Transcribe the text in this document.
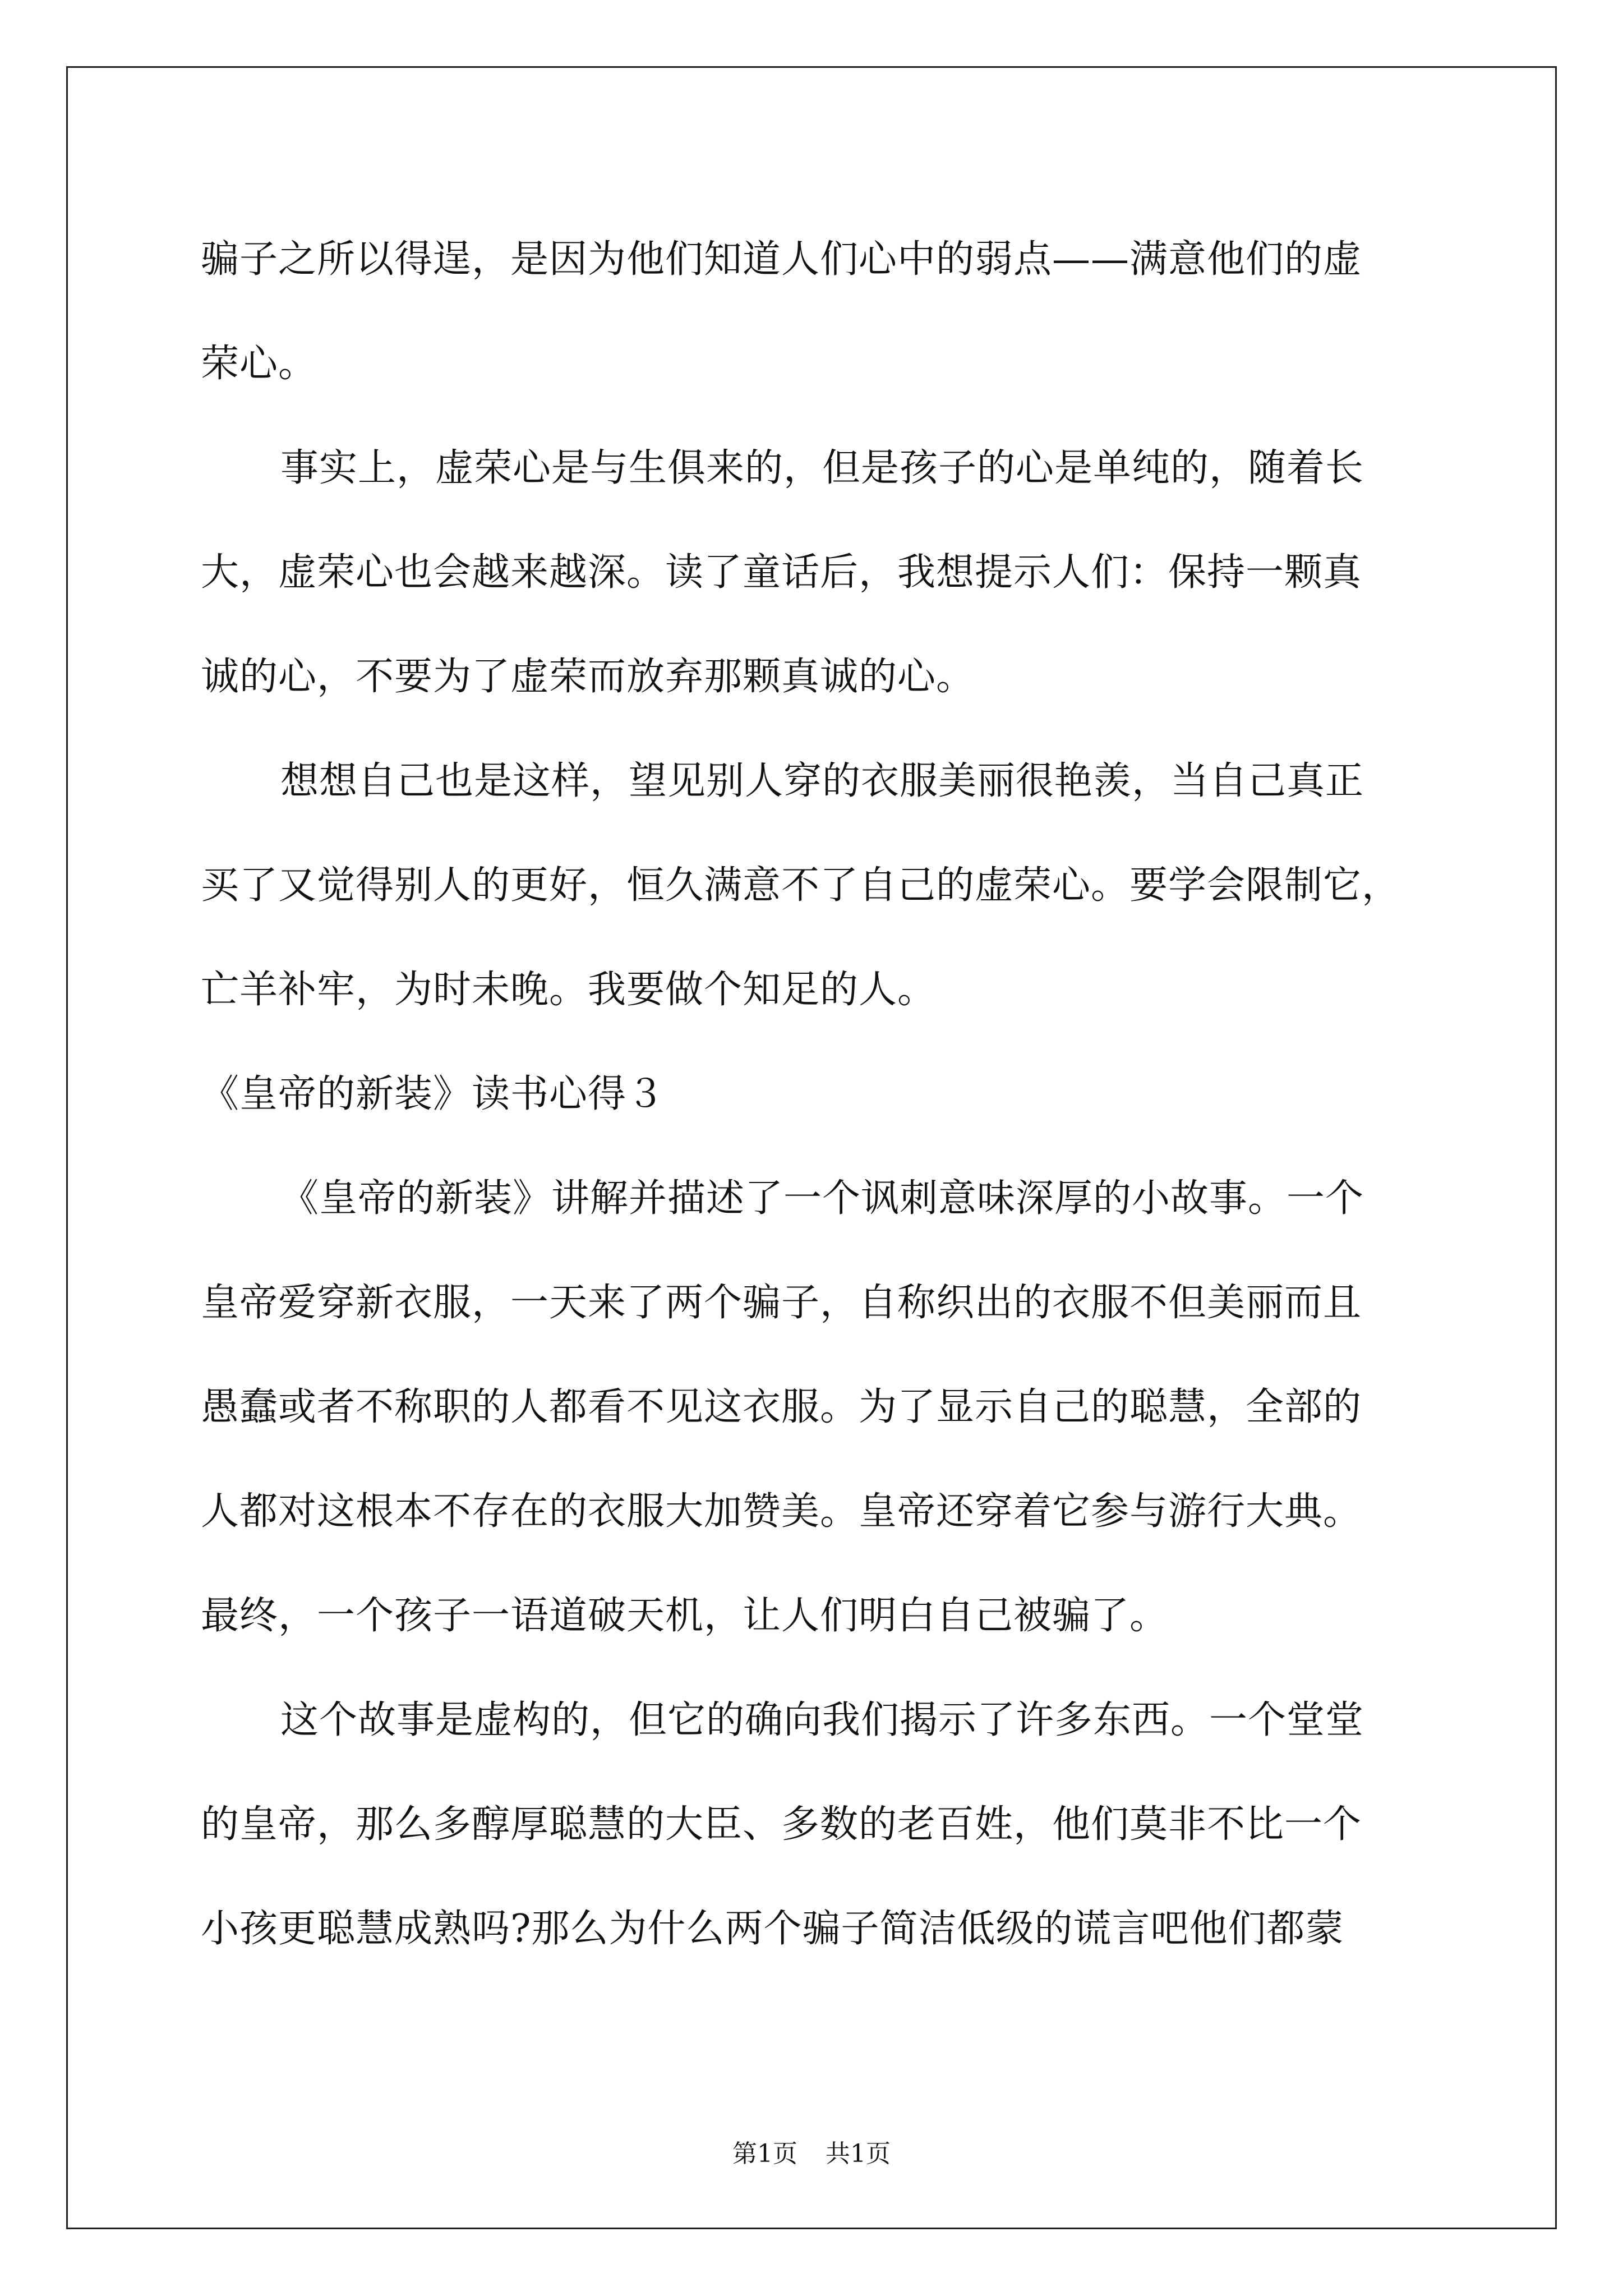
骗子之所以得逞，是因为他们知道人们心中的弱点——满意他们的虚
荣心。
事实上，虚荣心是与生俱来的，但是孩子的心是单纯的，随着长
大，虚荣心也会越来越深。读了童话后，我想提示人们：保持一颗真
诚的心，不要为了虚荣而放弃那颗真诚的心。
想想自己也是这样，望见别人穿的衣服美丽很艳羡，当自己真正
买了又觉得别人的更好，恒久满意不了自己的虚荣心。要学会限制它，
亡羊补牢，为时未晚。我要做个知足的人。
《皇帝的新装》读书心得３
《皇帝的新装》讲解并描述了一个讽刺意味深厚的小故事。一个
皇帝爱穿新衣服，一天来了两个骗子，自称织出的衣服不但美丽而且
愚蠢或者不称职的人都看不见这衣服。为了显示自己的聪慧，全部的
人都对这根本不存在的衣服大加赞美。皇帝还穿着它参与游行大典。
最终，一个孩子一语道破天机，让人们明白自己被骗了。
这个故事是虚构的，但它的确向我们揭示了许多东西。一个堂堂
的皇帝，那么多醇厚聪慧的大臣、多数的老百姓，他们莫非不比一个
小孩更聪慧成熟吗?那么为什么两个骗子简洁低级的谎言吧他们都蒙
第1页 共1页
